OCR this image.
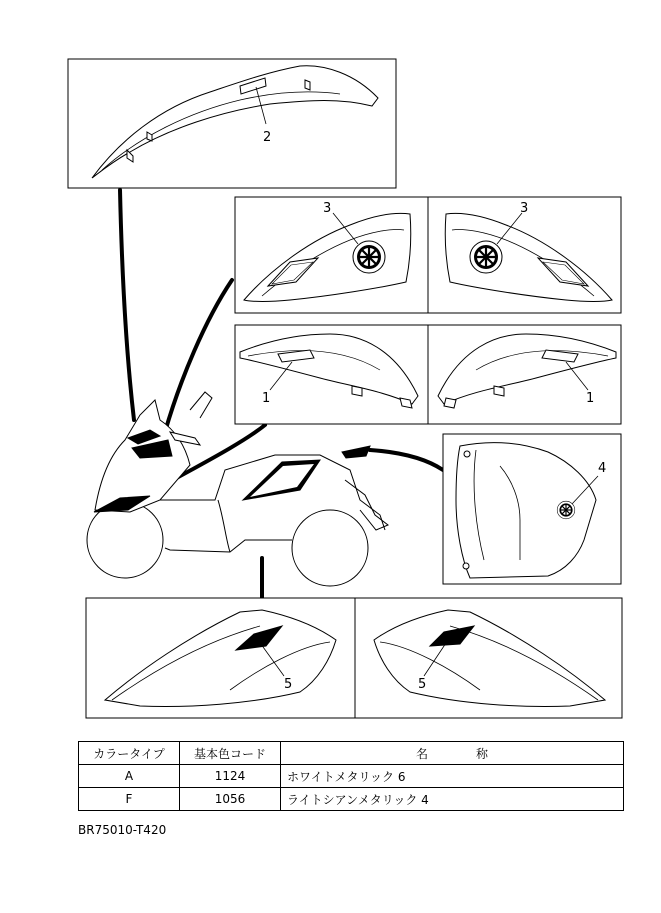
2
3	3
1	1
4
5	5
カラータイプ	基本色コード	名　　　　称
A	1124	ホワイトメタリック 6
F	1056	ライトシアンメタリック 4
BR75010-T420
